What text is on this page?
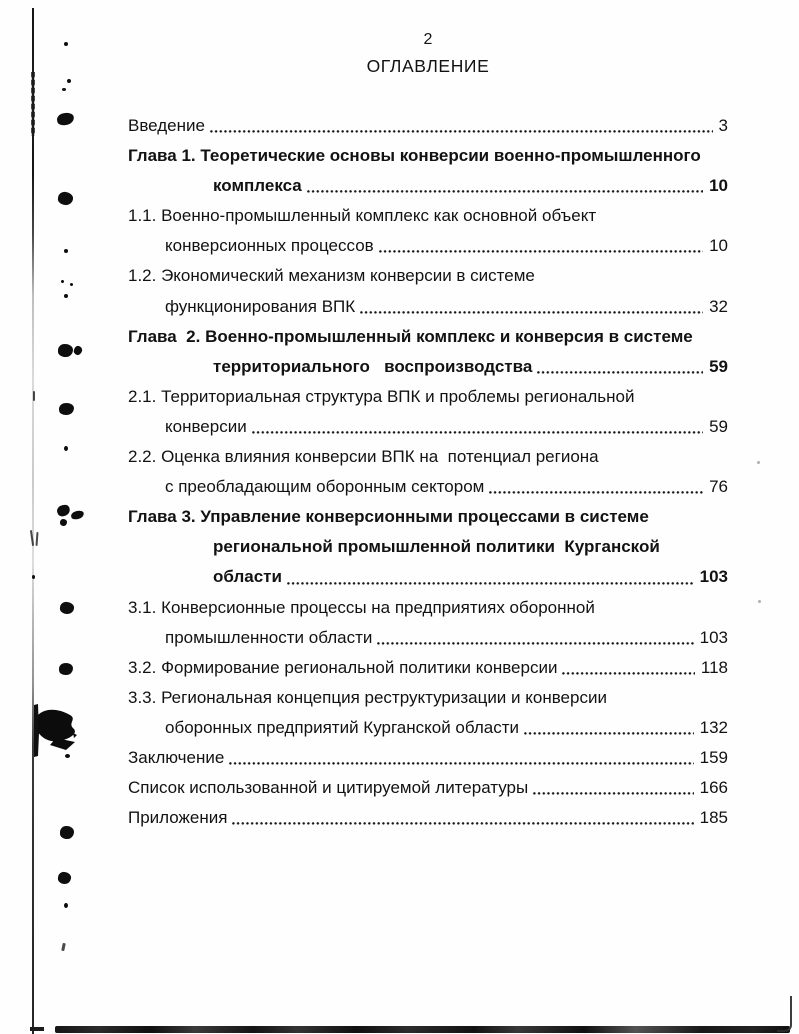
2
ОГЛАВЛЕНИЕ
Введение	3
Глава 1. Теоретические основы конверсии военно-промышленного
комплекса	10
1.1. Военно-промышленный комплекс как основной объект
конверсионных процессов	10
1.2. Экономический механизм конверсии в системе
функционирования ВПК	32
Глава  2. Военно-промышленный комплекс и конверсия в системе
территориального   воспроизводства	59
2.1. Территориальная структура ВПК и проблемы региональной
конверсии	59
2.2. Оценка влияния конверсии ВПК на  потенциал региона
с преобладающим оборонным сектором	76
Глава 3. Управление конверсионными процессами в системе
региональной промышленной политики  Курганской
области	103
3.1. Конверсионные процессы на предприятиях оборонной
промышленности области	103
3.2. Формирование региональной политики конверсии	118
3.3. Региональная концепция реструктуризации и конверсии
оборонных предприятий Курганской области	132
Заключение	159
Список использованной и цитируемой литературы	166
Приложения	185
